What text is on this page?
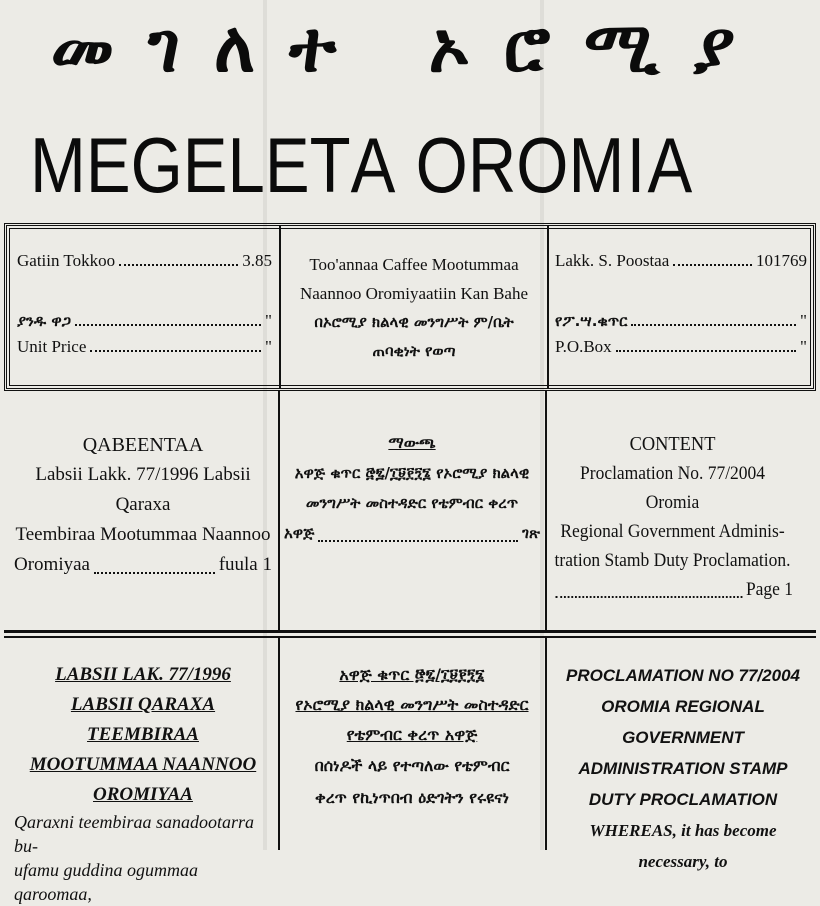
መገለተ ኦሮሚያ
M E G E L E T A O R O M I A
Gatiin Tokkoo	3.85
ያንዱ ዋጋ	"
Unit Price	"
Too'annaa Caffee Mootummaa
Naannoo Oromiyaatiin Kan Bahe
በኦሮሚያ ክልላዊ መንግሥት ም/ቤት
ጠባቂነት የወጣ
Lakk. S. Poostaa	101769
የፖ.ሣ.ቁጥር	"
P.O.Box	"
QABEENTAA
Labsii Lakk. 77/1996 Labsii Qaraxa
Teembiraa Mootummaa Naannoo
Oromiyaa	fuula 1
ማውጫ
አዋጅ ቁጥር ፸፯/፲፱፻፺፮ የኦሮሚያ ክልላዊ
መንግሥት መስተዳድር የቴምብር ቀረጥ
አዋጅ	ገጽ
CONTENT
Proclamation No. 77/2004 Oromia
Regional Government Adminis-
tration Stamb Duty Proclamation.
Page 1
LABSII LAK. 77/1996
LABSII QARAXA TEEMBIRAA
MOOTUMMAA NAANNOO
OROMIYAA
Qaraxni teembiraa sanadootarra bu-
ufamu guddina ogummaa qaroomaa,
አዋጅ ቁጥር ፸፯/፲፱፻፺፮
የኦሮሚያ ክልላዊ መንግሥት መስተዳድር
የቴምብር ቀረጥ አዋጅ
በሰነዶች ላይ የተጣለው የቴምብር
ቀረጥ የኪነጥበብ ዕድገትን የሩዩናነ
PROCLAMATION NO 77/2004
OROMIA REGIONAL
GOVERNMENT
ADMINISTRATION STAMP
DUTY PROCLAMATION
WHEREAS, it has become necessary, to
